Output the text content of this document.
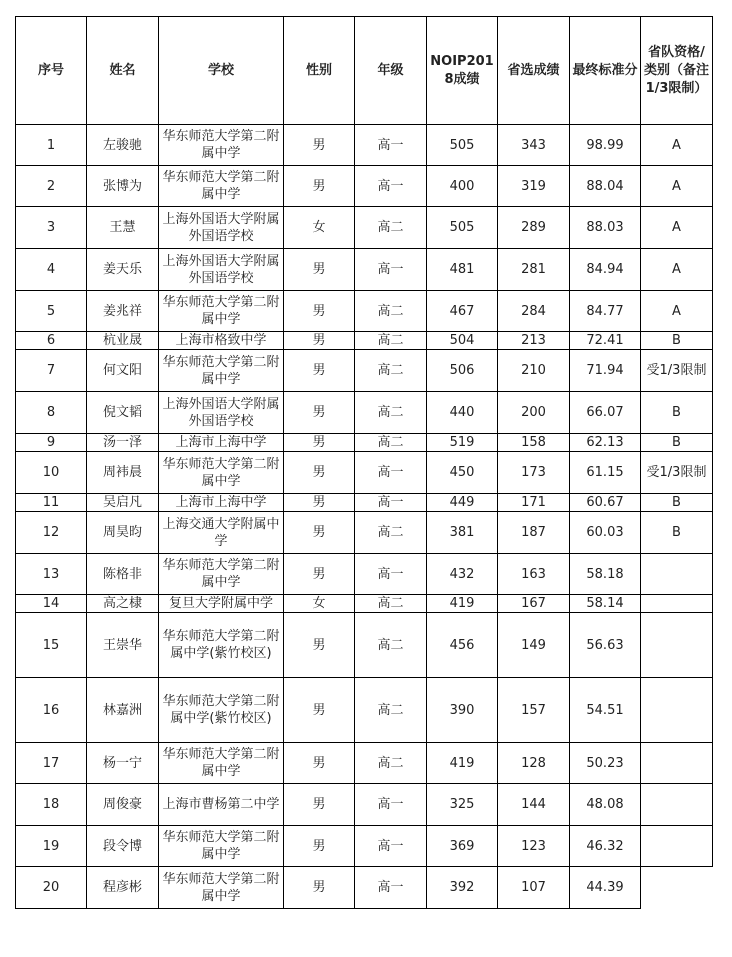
序号	姓名	学校	性别	年级	NOIP2018成绩	省选成绩	最终标准分	省队资格/类别（备注1/3限制）
1	左骏驰	华东师范大学第二附属中学	男	高一	505	343	98.99	A
2	张博为	华东师范大学第二附属中学	男	高一	400	319	88.04	A
3	王慧	上海外国语大学附属外国语学校	女	高二	505	289	88.03	A
4	姜天乐	上海外国语大学附属外国语学校	男	高一	481	281	84.94	A
5	姜兆祥	华东师范大学第二附属中学	男	高二	467	284	84.77	A
6	杭业晟	上海市格致中学	男	高二	504	213	72.41	B
7	何文阳	华东师范大学第二附属中学	男	高二	506	210	71.94	受1/3限制
8	倪文韬	上海外国语大学附属外国语学校	男	高二	440	200	66.07	B
9	汤一泽	上海市上海中学	男	高二	519	158	62.13	B
10	周袆晨	华东师范大学第二附属中学	男	高一	450	173	61.15	受1/3限制
11	吴启凡	上海市上海中学	男	高一	449	171	60.67	B
12	周昊昀	上海交通大学附属中学	男	高二	381	187	60.03	B
13	陈格非	华东师范大学第二附属中学	男	高一	432	163	58.18	
14	高之棣	复旦大学附属中学	女	高二	419	167	58.14	
15	王崇华	华东师范大学第二附属中学(紫竹校区)	男	高二	456	149	56.63	
16	林嘉洲	华东师范大学第二附属中学(紫竹校区)	男	高二	390	157	54.51	
17	杨一宁	华东师范大学第二附属中学	男	高二	419	128	50.23	
18	周俊豪	上海市曹杨第二中学	男	高一	325	144	48.08	
19	段令博	华东师范大学第二附属中学	男	高一	369	123	46.32	
20	程彦彬	华东师范大学第二附属中学	男	高一	392	107	44.39	
